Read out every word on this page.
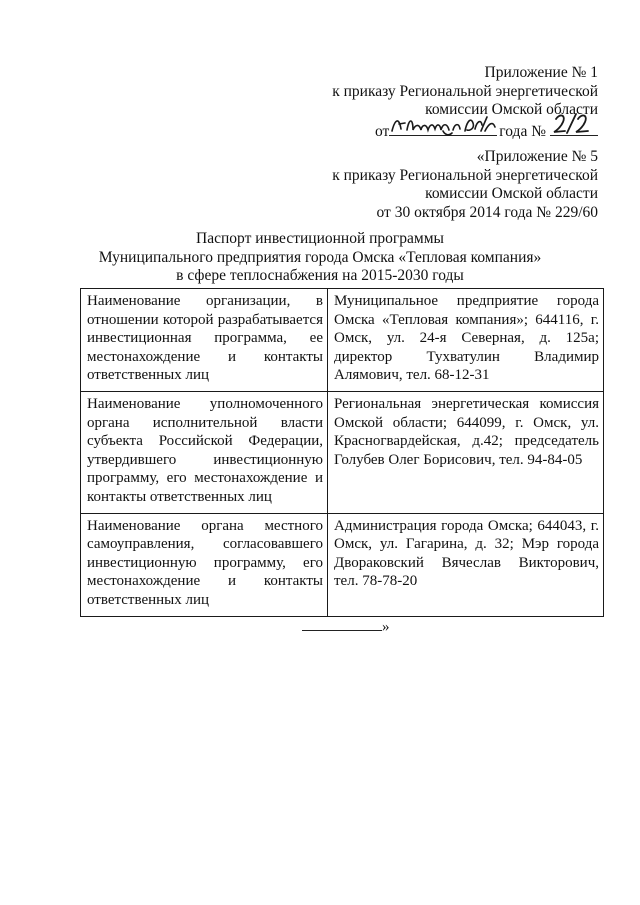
Приложение № 1
к приказу Региональной энергетической
комиссии Омской области
от	года №
«Приложение № 5
к приказу Региональной энергетической
комиссии Омской области
от 30 октября 2014 года № 229/60
Паспорт инвестиционной программы
Муниципального предприятия города Омска «Тепловая компания»
в сфере теплоснабжения на 2015-2030 годы
Наименование организации, в отношении которой разрабатывается инвестиционная программа, ее местонахождение и контакты ответственных лиц	Муниципальное предприятие города Омска «Тепловая компания»; 644116, г. Омск, ул. 24-я Северная, д. 125а; директор Тухватулин Владимир Алямович, тел. 68-12-31
Наименование уполномоченного органа исполнительной власти субъекта Российской Федерации, утвердившего инвестиционную программу, его местонахождение и контакты ответственных лиц	Региональная энергетическая комиссия Омской области; 644099, г. Омск, ул. Красногвардейская, д.42; председатель Голубев Олег Борисович, тел. 94-84-05
Наименование органа местного самоуправления, согласовавшего инвестиционную программу, его местонахождение и контакты ответственных лиц	Администрация города Омска; 644043, г. Омск, ул. Гагарина, д. 32; Мэр города Двораковский Вячеслав Викторович, тел. 78-78-20
»
